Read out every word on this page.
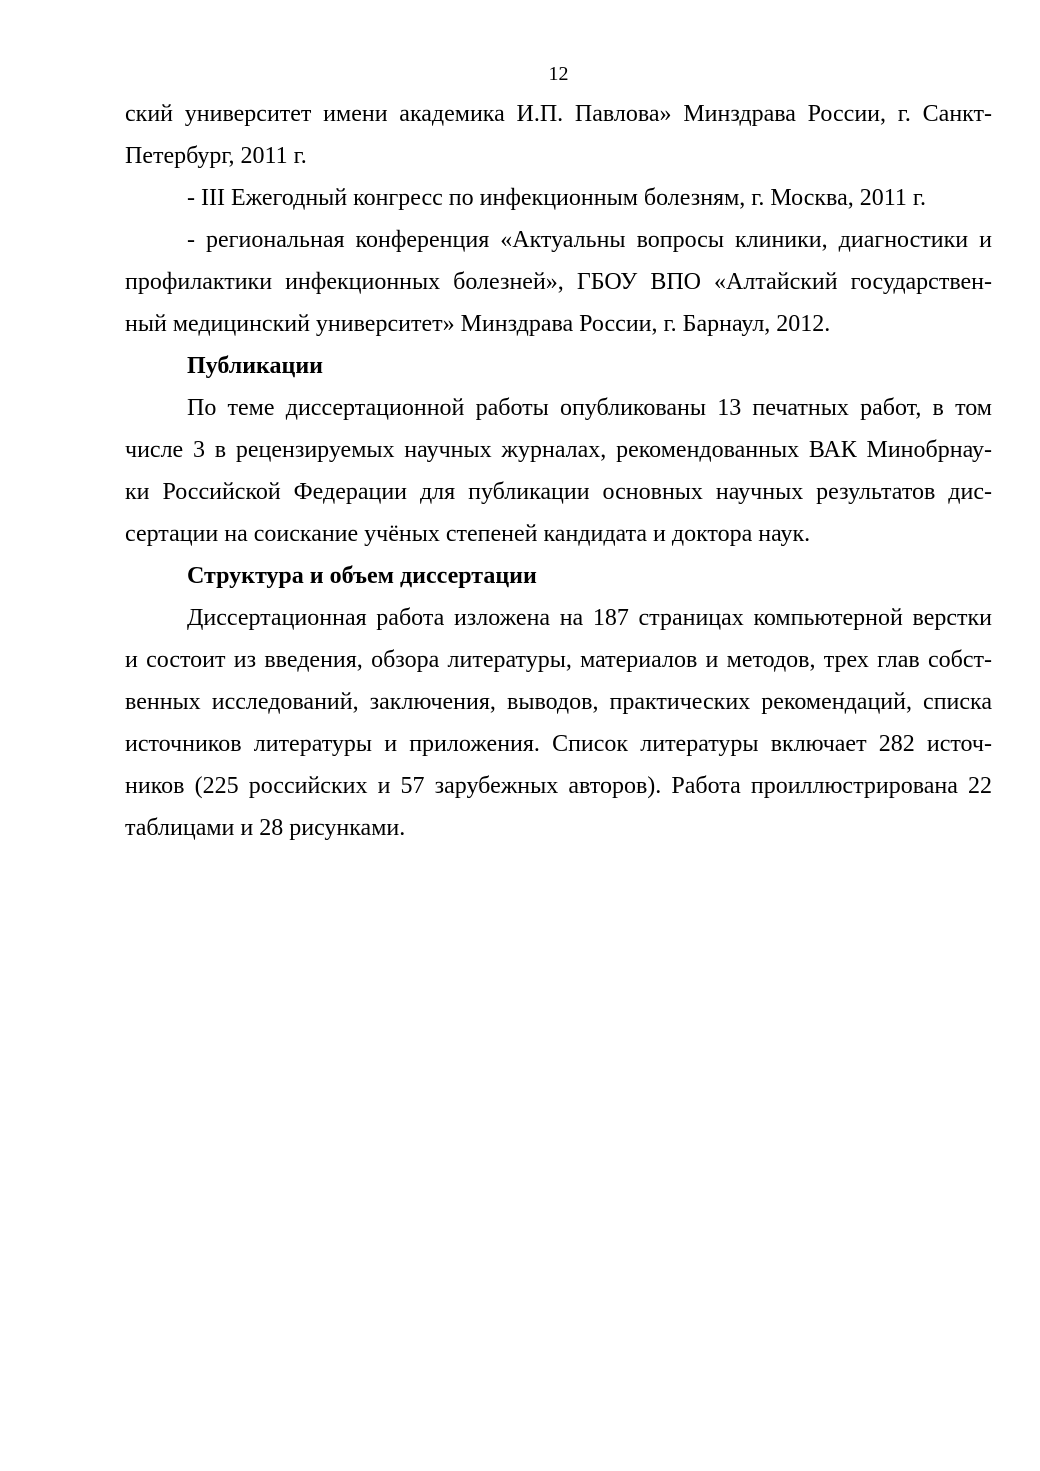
12

ский университет имени академика И.П. Павлова» Минздрава России, г. Санкт-
Петербург, 2011 г.

- III Ежегодный конгресс по инфекционным болезням, г. Москва, 2011 г.

- региональная конференция «Актуальны вопросы клиники, диагностики и
профилактики инфекционных болезней», ГБОУ ВПО «Алтайский государствен-
ный медицинский университет» Минздрава России, г. Барнаул, 2012.

Публикации

По теме диссертационной работы опубликованы 13 печатных работ, в том
числе 3 в рецензируемых научных журналах, рекомендованных ВАК Минобрнау-
ки Российской Федерации для публикации основных научных результатов дис-
сертации на соискание учёных степеней кандидата и доктора наук.

Структура и объем диссертации

Диссертационная работа изложена на 187 страницах компьютерной верстки
и состоит из введения, обзора литературы, материалов и методов, трех глав собст-
венных исследований, заключения, выводов, практических рекомендаций, списка
источников литературы и приложения. Список литературы включает 282 источ-
ников (225 российских и 57 зарубежных авторов). Работа проиллюстрирована 22
таблицами и 28 рисунками.
